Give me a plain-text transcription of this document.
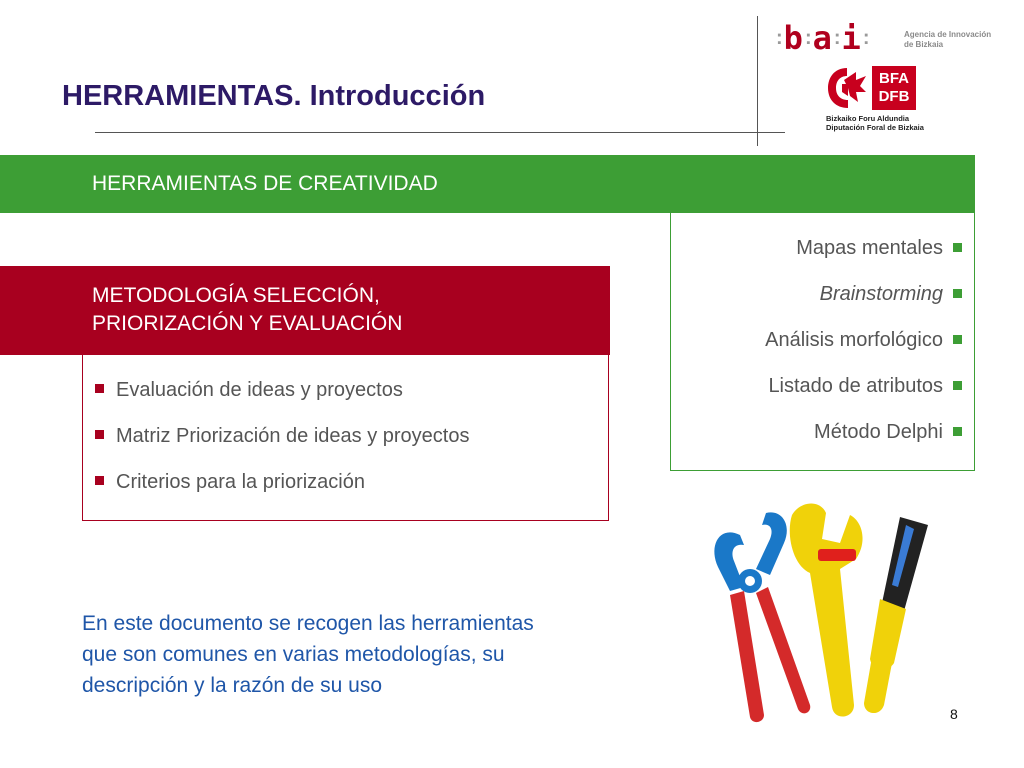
HERRAMIENTAS. Introducción
: b : a : i :	Agencia de Innovación
de Bizkaia
BFA
DFB
Bizkaiko Foru Aldundia
Diputación Foral de Bizkaia
HERRAMIENTAS DE CREATIVIDAD
Mapas mentales
Brainstorming
Análisis morfológico
Listado de atributos
Método Delphi
METODOLOGÍA SELECCIÓN,
PRIORIZACIÓN Y EVALUACIÓN
Evaluación de ideas y proyectos
Matriz Priorización de ideas y proyectos
Criterios para la priorización
En este documento se recogen las herramientas
que son comunes en varias metodologías, su
descripción y la razón de su uso
8
